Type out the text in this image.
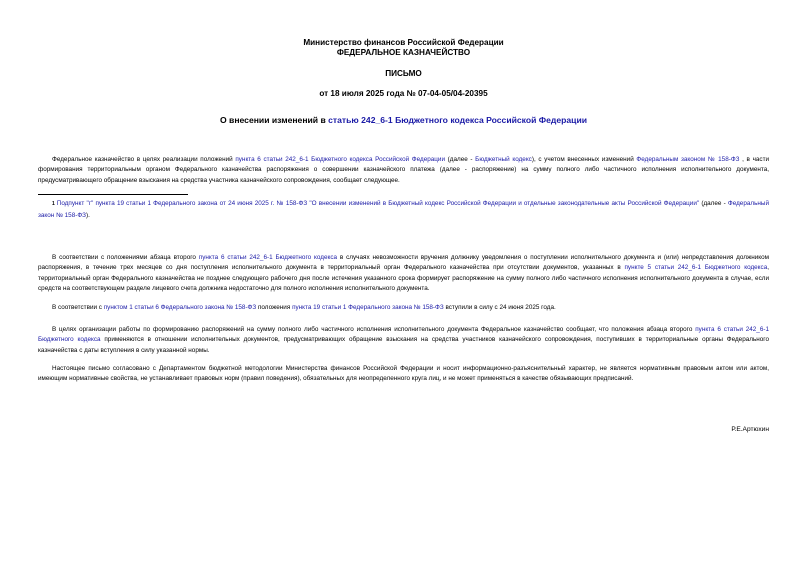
Министерство финансов Российской Федерации
ФЕДЕРАЛЬНОЕ КАЗНАЧЕЙСТВО
ПИСЬМО
от 18 июля 2025 года № 07-04-05/04-20395
О внесении изменений в статью 242_6-1 Бюджетного кодекса Российской Федерации
Федеральное казначейство в целях реализации положений пункта 6 статьи 242_6-1 Бюджетного кодекса Российской Федерации (далее - Бюджетный кодекс), с учетом внесенных изменений Федеральным законом № 158-ФЗ , в части формирования территориальным органом Федерального казначейства распоряжения о совершении казначейского платежа (далее - распоряжение) на сумму полного либо частичного исполнения исполнительного документа, предусматривающего обращение взыскания на средства участника казначейского сопровождения, сообщает следующее.
1 Подпункт "г" пункта 19 статьи 1 Федерального закона от 24 июня 2025 г. № 158-ФЗ "О внесении изменений в Бюджетный кодекс Российской Федерации и отдельные законодательные акты Российской Федерации" (далее - Федеральный закон № 158-ФЗ).
В соответствии с положениями абзаца второго пункта 6 статьи 242_6-1 Бюджетного кодекса в случаях невозможности вручения должнику уведомления о поступлении исполнительного документа и (или) непредставления должником распоряжения, в течение трех месяцев со дня поступления исполнительного документа в территориальный орган Федерального казначейства при отсутствии документов, указанных в пункте 5 статьи 242_6-1 Бюджетного кодекса, территориальный орган Федерального казначейства не позднее следующего рабочего дня после истечения указанного срока формирует распоряжение на сумму полного либо частичного исполнения исполнительного документа в случае, если средств на соответствующем разделе лицевого счета должника недостаточно для полного исполнения исполнительного документа.
В соответствии с пунктом 1 статьи 6 Федерального закона № 158-ФЗ положения пункта 19 статьи 1 Федерального закона № 158-ФЗ вступили в силу с 24 июня 2025 года.
В целях организации работы по формированию распоряжений на сумму полного либо частичного исполнения исполнительного документа Федеральное казначейство сообщает, что положения абзаца второго пункта 6 статьи 242_6-1 Бюджетного кодекса применяются в отношении исполнительных документов, предусматривающих обращение взыскания на средства участников казначейского сопровождения, поступивших в территориальные органы Федерального казначейства с даты вступления в силу указанной нормы.
Настоящее письмо согласовано с Департаментом бюджетной методологии Министерства финансов Российской Федерации и носит информационно-разъяснительный характер, не является нормативным правовым актом или актом, имеющим нормативные свойства, не устанавливает правовых норм (правил поведения), обязательных для неопределенного круга лиц, и не может применяться в качестве обязывающих предписаний.
Р.Е.Артюхин
